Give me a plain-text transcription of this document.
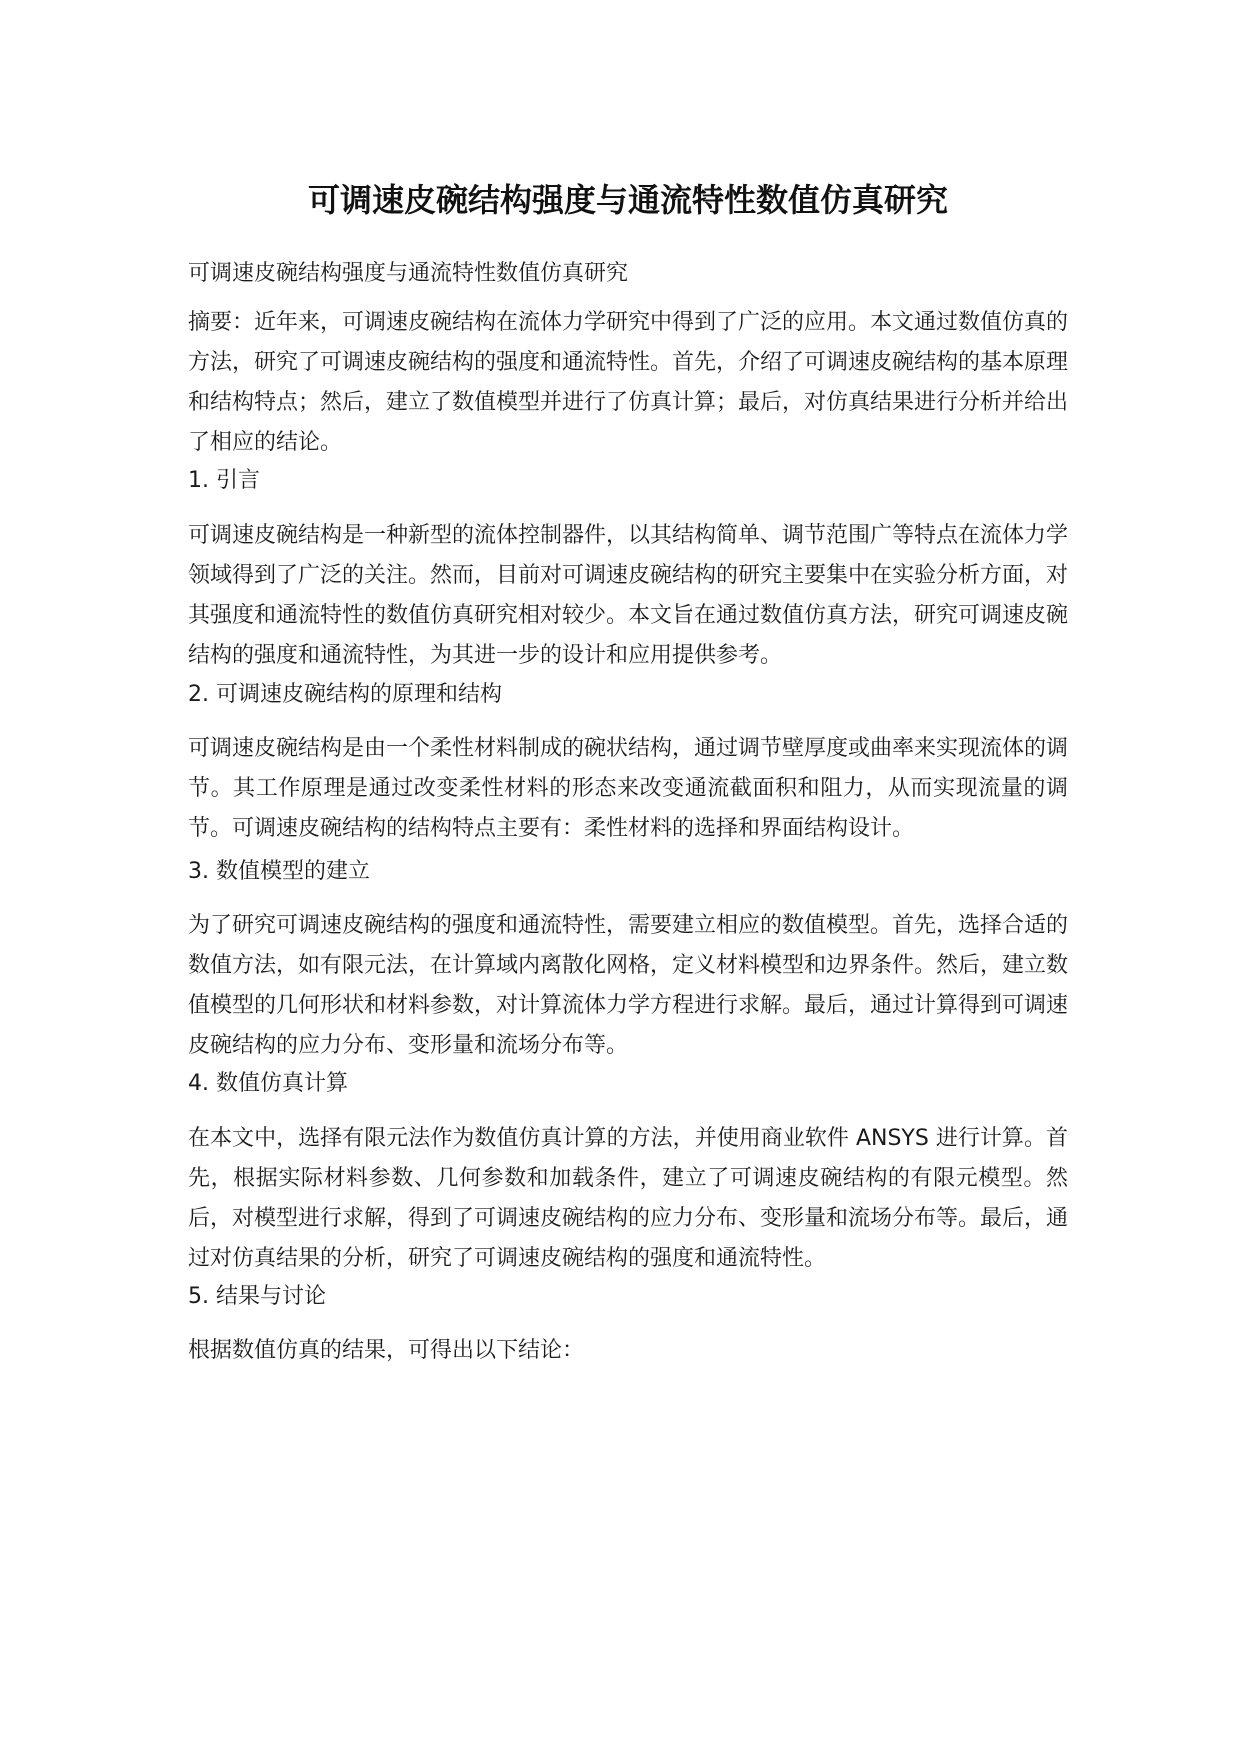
可调速皮碗结构强度与通流特性数值仿真研究

可调速皮碗结构强度与通流特性数值仿真研究

摘要：近年来，可调速皮碗结构在流体力学研究中得到了广泛的应用。本文通过数值仿真的方法，研究了可调速皮碗结构的强度和通流特性。首先，介绍了可调速皮碗结构的基本原理和结构特点；然后，建立了数值模型并进行了仿真计算；最后，对仿真结果进行分析并给出了相应的结论。

1. 引言

可调速皮碗结构是一种新型的流体控制器件，以其结构简单、调节范围广等特点在流体力学领域得到了广泛的关注。然而，目前对可调速皮碗结构的研究主要集中在实验分析方面，对其强度和通流特性的数值仿真研究相对较少。本文旨在通过数值仿真方法，研究可调速皮碗结构的强度和通流特性，为其进一步的设计和应用提供参考。

2. 可调速皮碗结构的原理和结构

可调速皮碗结构是由一个柔性材料制成的碗状结构，通过调节壁厚度或曲率来实现流体的调节。其工作原理是通过改变柔性材料的形态来改变通流截面积和阻力，从而实现流量的调节。可调速皮碗结构的结构特点主要有：柔性材料的选择和界面结构设计。

3. 数值模型的建立

为了研究可调速皮碗结构的强度和通流特性，需要建立相应的数值模型。首先，选择合适的数值方法，如有限元法，在计算域内离散化网格，定义材料模型和边界条件。然后，建立数值模型的几何形状和材料参数，对计算流体力学方程进行求解。最后，通过计算得到可调速皮碗结构的应力分布、变形量和流场分布等。

4. 数值仿真计算

在本文中，选择有限元法作为数值仿真计算的方法，并使用商业软件 ANSYS 进行计算。首先，根据实际材料参数、几何参数和加载条件，建立了可调速皮碗结构的有限元模型。然后，对模型进行求解，得到了可调速皮碗结构的应力分布、变形量和流场分布等。最后，通过对仿真结果的分析，研究了可调速皮碗结构的强度和通流特性。

5. 结果与讨论

根据数值仿真的结果，可得出以下结论：
